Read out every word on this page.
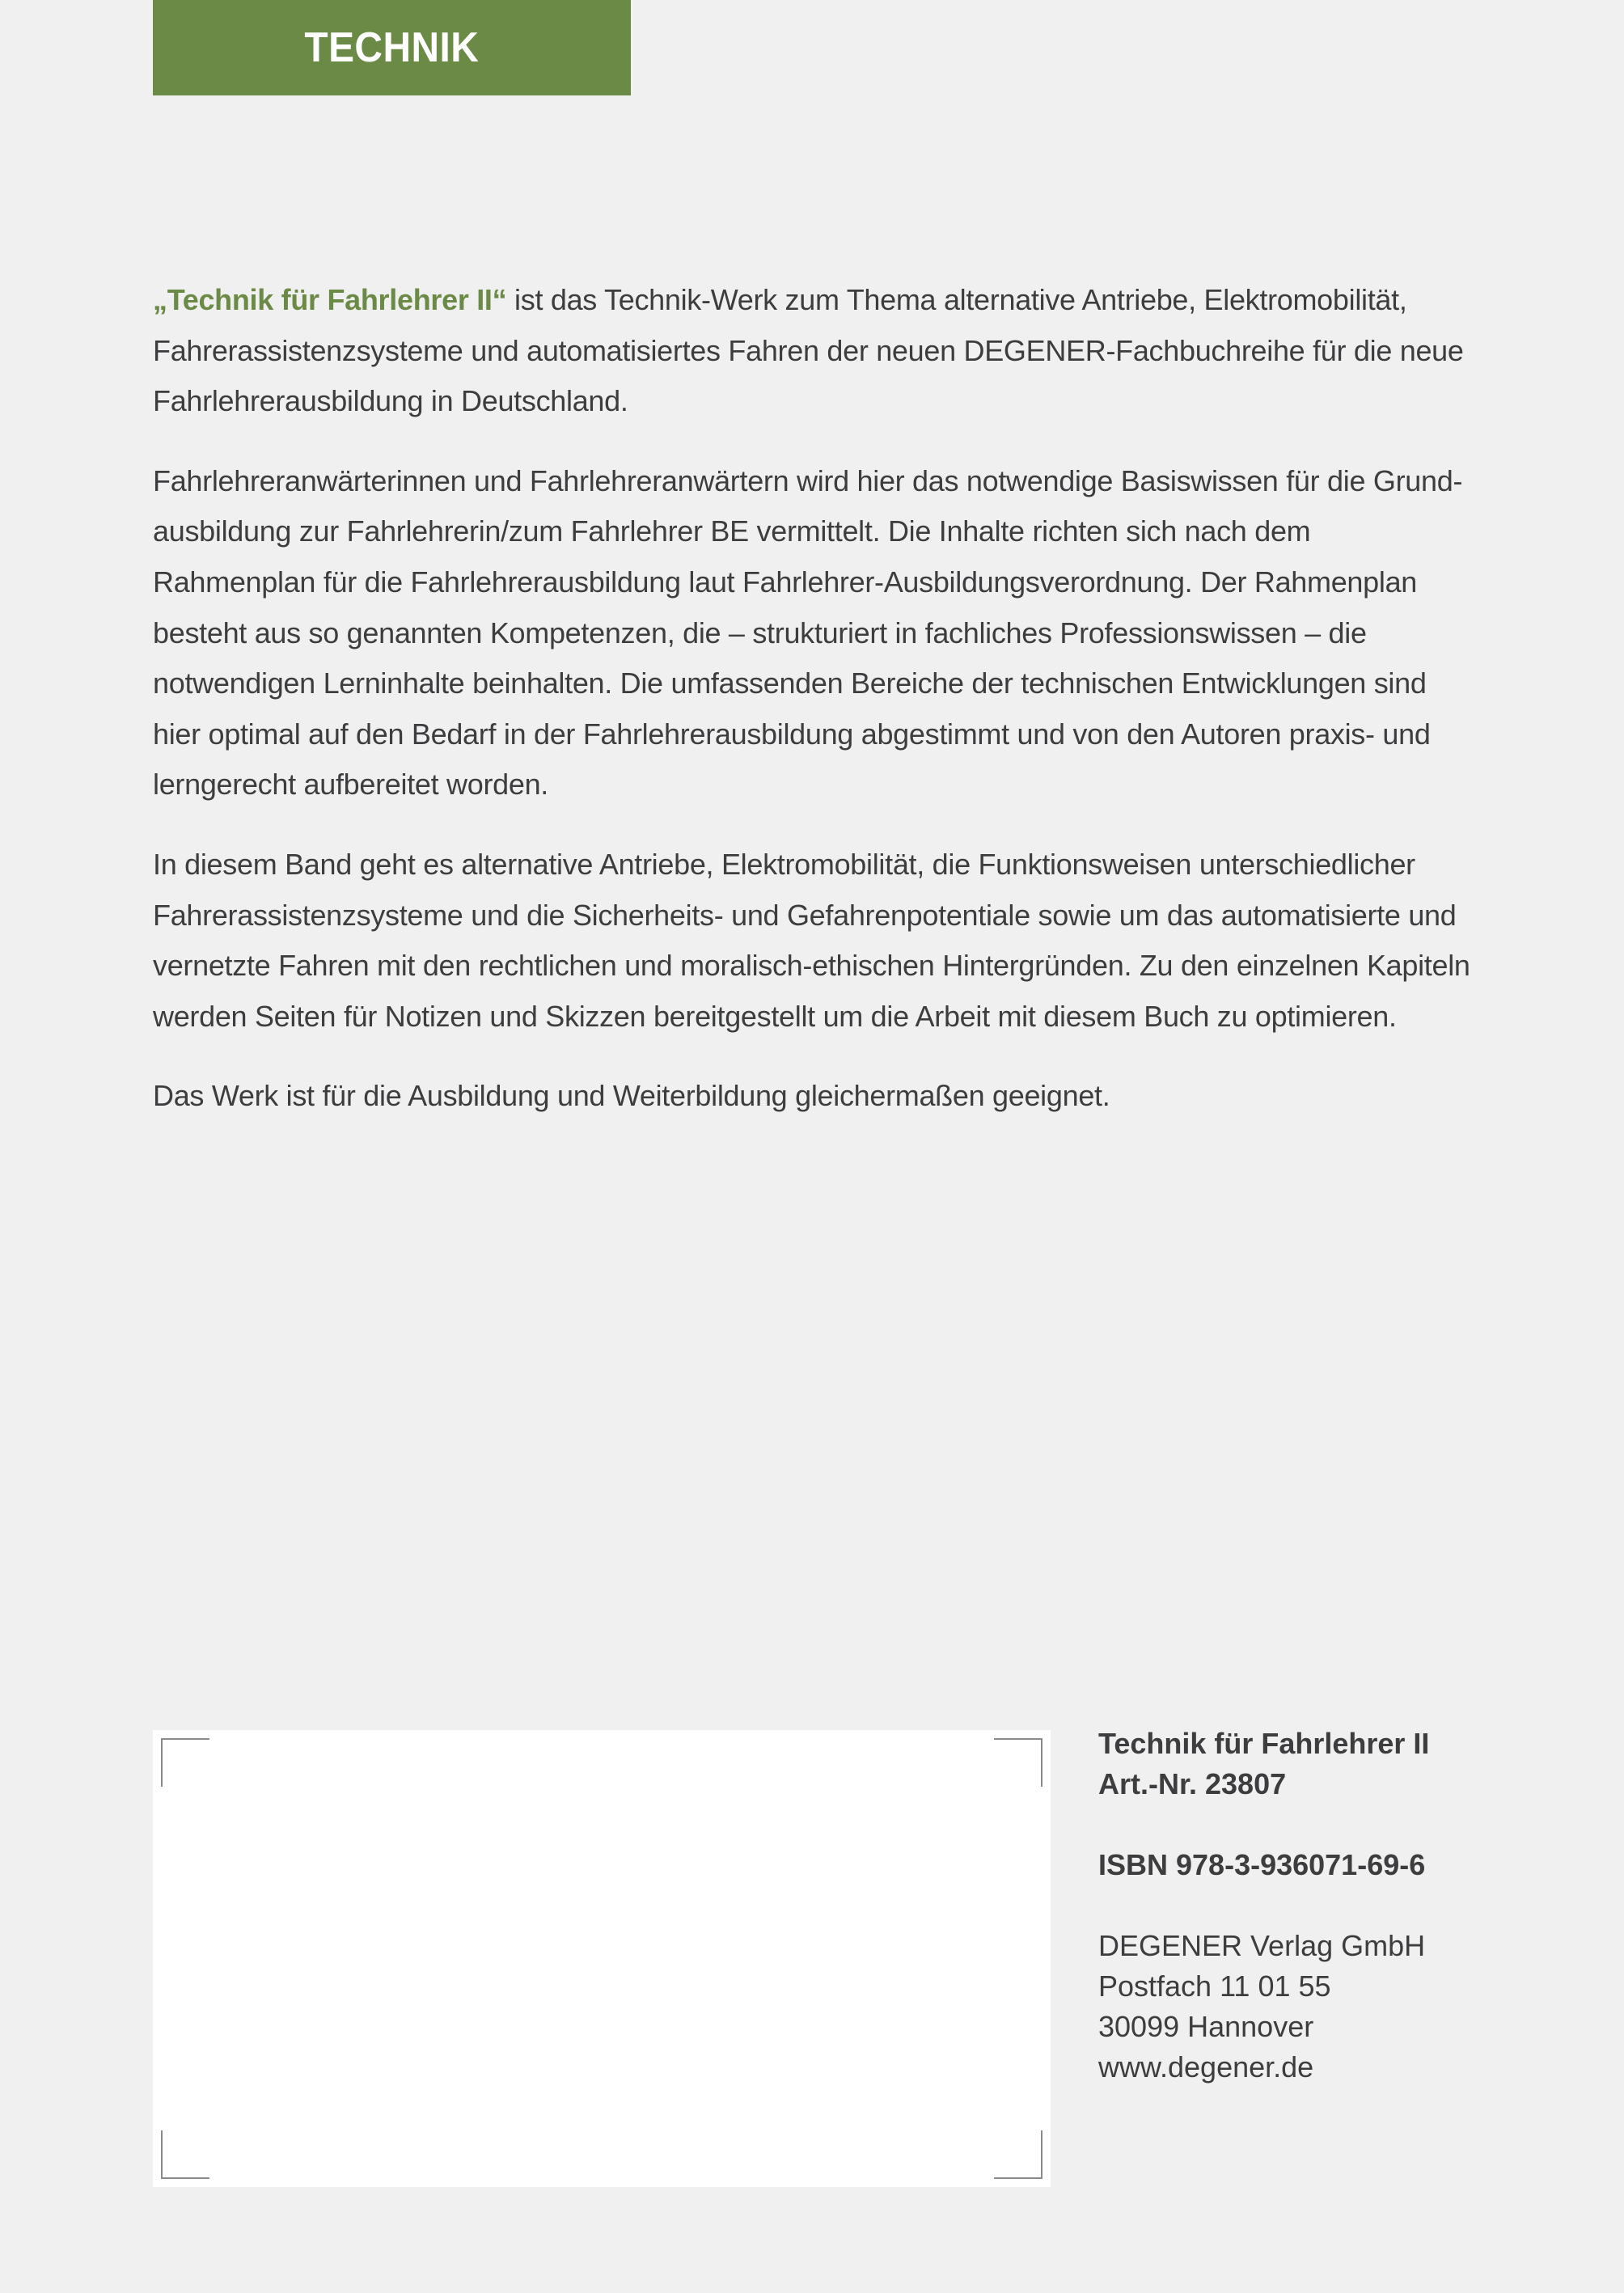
TECHNIK

„Technik für Fahrlehrer II“ ist das Technik-Werk zum Thema alternative Antriebe, Elektromobilität, Fahrerassistenzsysteme und automatisiertes Fahren der neuen DEGENER-Fachbuchreihe für die neue Fahrlehrerausbildung in Deutschland.

Fahrlehreranwärterinnen und Fahrlehreranwärtern wird hier das notwendige Basiswissen für die Grundausbildung zur Fahrlehrerin/zum Fahrlehrer BE vermittelt. Die Inhalte richten sich nach dem Rahmenplan für die Fahrlehrerausbildung laut Fahrlehrer-Ausbildungsverordnung. Der Rahmenplan besteht aus so genannten Kompetenzen, die – strukturiert in fachliches Professionswissen – die notwendigen Lerninhalte beinhalten. Die umfassenden Bereiche der technischen Entwicklungen sind hier optimal auf den Bedarf in der Fahrlehrerausbildung abgestimmt und von den Autoren praxis- und lerngerecht aufbereitet worden.

In diesem Band geht es alternative Antriebe, Elektromobilität, die Funktionsweisen unterschiedlicher Fahrerassistenzsysteme und die Sicherheits- und Gefahrenpotentiale sowie um das automatisierte und vernetzte Fahren mit den rechtlichen und moralisch-ethischen Hintergründen. Zu den einzelnen Kapiteln werden Seiten für Notizen und Skizzen bereitgestellt um die Arbeit mit diesem Buch zu optimieren.

Das Werk ist für die Ausbildung und Weiterbildung gleichermaßen geeignet.

Technik für Fahrlehrer II
Art.-Nr. 23807
ISBN 978-3-936071-69-6
DEGENER Verlag GmbH
Postfach 11 01 55
30099 Hannover
www.degener.de
